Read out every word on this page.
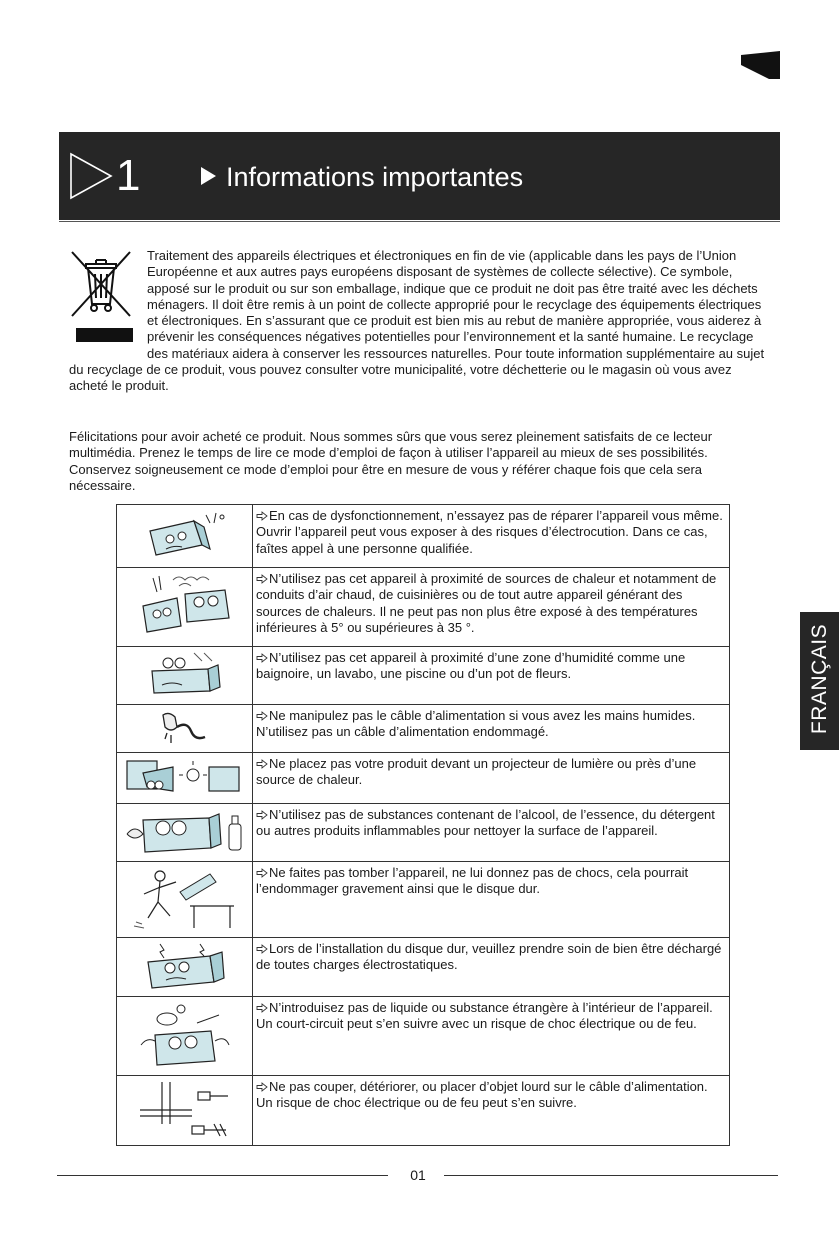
1	Informations importantes

Traitement des appareils électriques et électroniques en fin de vie (applicable dans les pays de l’Union Européenne et aux autres pays européens disposant de systèmes de collecte sélective). Ce symbole, apposé sur le produit ou sur son emballage, indique que ce produit ne doit pas être traité avec les déchets ménagers. Il doit être remis à un point de collecte approprié pour le recyclage des équipements électriques et électroniques. En s’assurant que ce produit est bien mis au rebut de manière appropriée, vous aiderez à prévenir les conséquences négatives potentielles pour l’environnement et la santé humaine. Le recyclage des matériaux aidera à conserver les ressources naturelles. Pour toute information supplémentaire au sujet du recyclage de ce produit, vous pouvez consulter votre municipalité, votre déchetterie ou le magasin où vous avez acheté le produit.

Félicitations pour avoir acheté ce produit. Nous sommes sûrs que vous serez pleinement satisfaits de ce lecteur multimédia. Prenez le temps de lire ce mode d’emploi de façon à utiliser l’appareil au mieux de ses possibilités. Conservez soigneusement ce mode d’emploi pour être en mesure de vous y référer chaque fois que cela sera nécessaire.

	En cas de dysfonctionnement, n’essayez pas de réparer l’appareil vous même. Ouvrir l’appareil peut vous exposer à des risques d’électrocution. Dans ce cas, faîtes appel à une personne qualifiée.

	N’utilisez pas cet appareil à proximité de sources de chaleur et notamment de conduits d’air chaud, de cuisinières ou de tout autre appareil générant des sources de chaleurs. Il ne peut pas non plus être exposé à des températures inférieures à 5° ou supérieures à 35 °.

	N’utilisez pas cet appareil à proximité d’une zone d’humidité comme une baignoire, un lavabo, une piscine ou d’un pot de fleurs.

	Ne manipulez pas le câble d’alimentation si vous avez les mains humides. N’utilisez pas un câble d’alimentation endommagé.

	Ne placez pas votre produit devant un projecteur de lumière ou près d’une source de chaleur.

	N’utilisez pas de substances contenant de l’alcool, de l’essence, du détergent ou autres produits inflammables pour nettoyer la surface de l’appareil.

	Ne faites pas tomber l’appareil, ne lui donnez pas de chocs, cela pourrait l’endommager gravement ainsi que le disque dur.

	Lors de l’installation du disque dur, veuillez prendre soin de bien être déchargé de toutes charges électrostatiques.

	N’introduisez pas de liquide ou substance étrangère à l’intérieur de l’appareil. Un court-circuit peut s’en suivre avec un risque de choc électrique ou de feu.

	Ne pas couper, détériorer, ou placer d’objet lourd sur le câble d’alimentation. Un risque de choc électrique ou de feu peut s’en suivre.
FRANÇAIS
01
